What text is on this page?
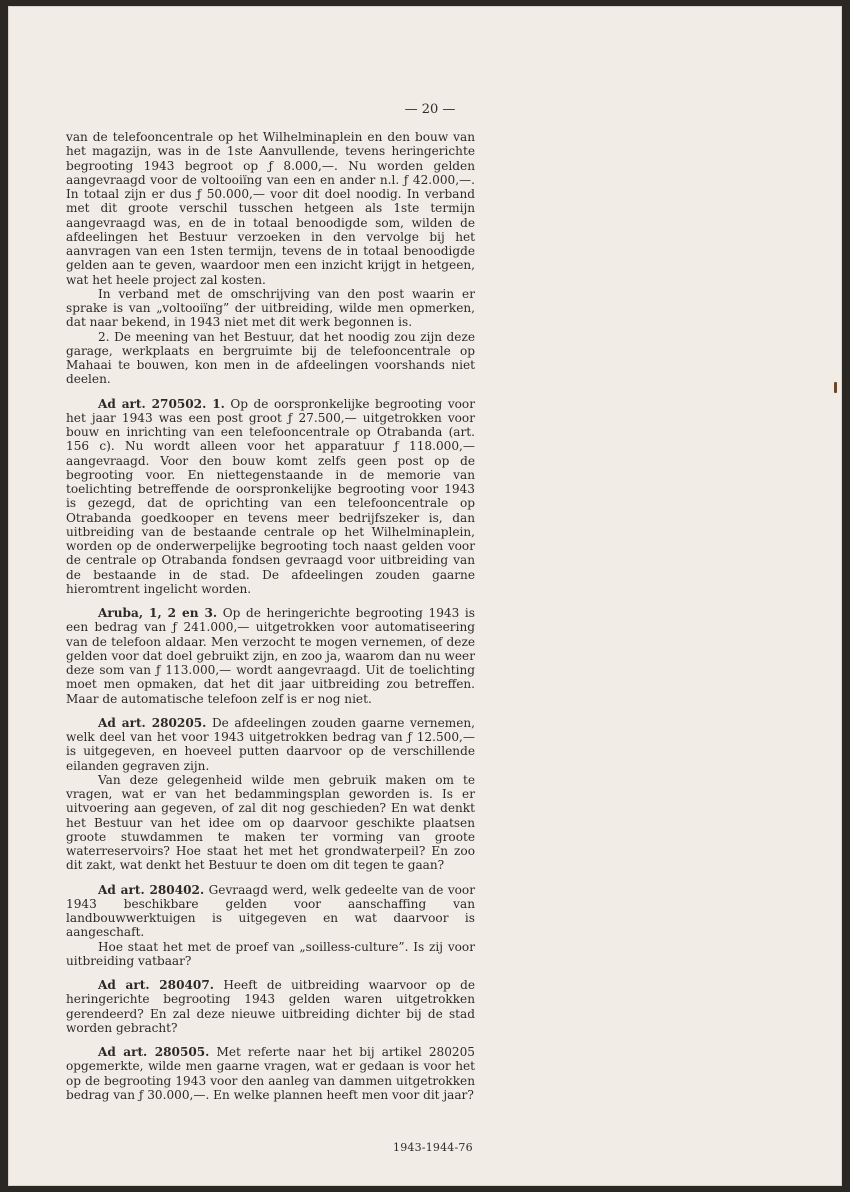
— 20 —

van de telefooncentrale op het Wilhelminaplein en den bouw van het magazijn, was in de 1ste Aanvullende, tevens heringerichte begrooting 1943 begroot op ƒ 8.000,—. Nu worden gelden aangevraagd voor de voltooiïng van een en ander n.l. ƒ 42.000,—. In totaal zijn er dus ƒ 50.000,— voor dit doel noodig. In verband met dit groote verschil tusschen hetgeen als 1ste termijn aangevraagd was, en de in totaal benoodigde som, wilden de afdeelingen het Bestuur verzoeken in den vervolge bij het aanvragen van een 1sten termijn, tevens de in totaal benoodigde gelden aan te geven, waardoor men een inzicht krijgt in hetgeen, wat het heele project zal kosten.

In verband met de omschrijving van den post waarin er sprake is van „voltooiïng” der uitbreiding, wilde men opmerken, dat naar bekend, in 1943 niet met dit werk begonnen is.

2. De meening van het Bestuur, dat het noodig zou zijn deze garage, werkplaats en bergruimte bij de telefooncentrale op Mahaai te bouwen, kon men in de afdeelingen voorshands niet deelen.

Ad art. 270502. 1. Op de oorspronkelijke begrooting voor het jaar 1943 was een post groot ƒ 27.500,— uitgetrokken voor bouw en inrichting van een telefooncentrale op Otrabanda (art. 156 c). Nu wordt alleen voor het apparatuur ƒ 118.000,— aangevraagd. Voor den bouw komt zelfs geen post op de begrooting voor. En niettegenstaande in de memorie van toelichting betreffende de oorspronkelijke begrooting voor 1943 is gezegd, dat de oprichting van een telefooncentrale op Otrabanda goedkooper en tevens meer bedrijfszeker is, dan uitbreiding van de bestaande centrale op het Wilhelminaplein, worden op de onderwerpelijke begrooting toch naast gelden voor de centrale op Otrabanda fondsen gevraagd voor uitbreiding van de bestaande in de stad. De afdeelingen zouden gaarne hieromtrent ingelicht worden.

Aruba, 1, 2 en 3. Op de heringerichte begrooting 1943 is een bedrag van ƒ 241.000,— uitgetrokken voor automatiseering van de telefoon aldaar. Men verzocht te mogen vernemen, of deze gelden voor dat doel gebruikt zijn, en zoo ja, waarom dan nu weer deze som van ƒ 113.000,— wordt aangevraagd. Uit de toelichting moet men opmaken, dat het dit jaar uitbreiding zou betreffen. Maar de automatische telefoon zelf is er nog niet.

Ad art. 280205. De afdeelingen zouden gaarne vernemen, welk deel van het voor 1943 uitgetrokken bedrag van ƒ 12.500,— is uitgegeven, en hoeveel putten daarvoor op de verschillende eilanden gegraven zijn.

Van deze gelegenheid wilde men gebruik maken om te vragen, wat er van het bedammingsplan geworden is. Is er uitvoering aan gegeven, of zal dit nog geschieden? En wat denkt het Bestuur van het idee om op daarvoor geschikte plaatsen groote stuwdammen te maken ter vorming van groote waterreservoirs? Hoe staat het met het grondwaterpeil? En zoo dit zakt, wat denkt het Bestuur te doen om dit tegen te gaan?

Ad art. 280402. Gevraagd werd, welk gedeelte van de voor 1943 beschikbare gelden voor aanschaffing van landbouwwerktuigen is uitgegeven en wat daarvoor is aangeschaft.

Hoe staat het met de proef van „soilless-culture”. Is zij voor uitbreiding vatbaar?

Ad art. 280407. Heeft de uitbreiding waarvoor op de heringerichte begrooting 1943 gelden waren uitgetrokken gerendeerd? En zal deze nieuwe uitbreiding dichter bij de stad worden gebracht?

Ad art. 280505. Met referte naar het bij artikel 280205 opgemerkte, wilde men gaarne vragen, wat er gedaan is voor het op de begrooting 1943 voor den aanleg van dammen uitgetrokken bedrag van ƒ 30.000,—. En welke plannen heeft men voor dit jaar?

1943-1944-76
